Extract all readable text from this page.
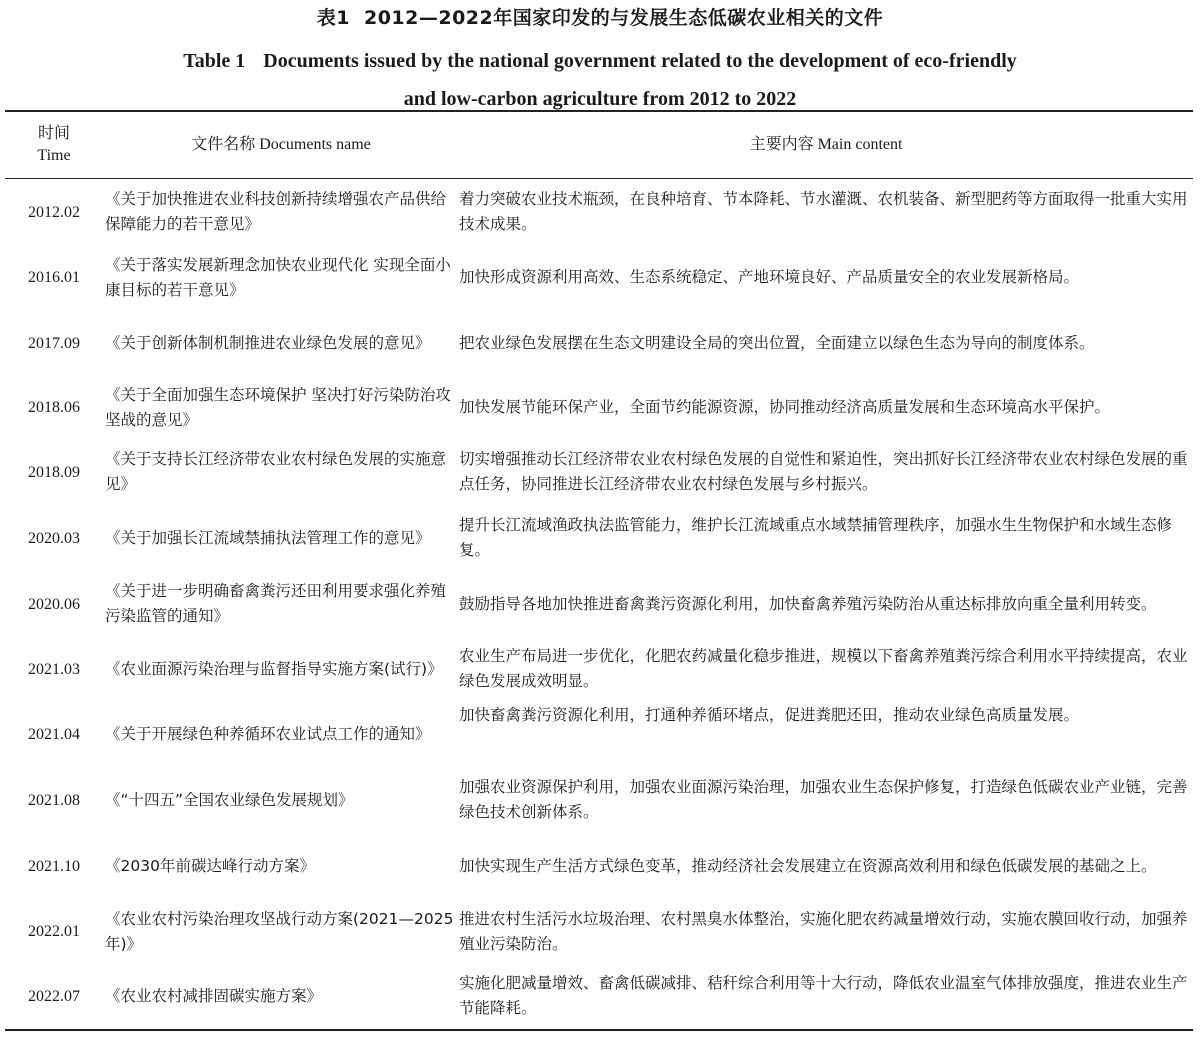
表1 2012—2022年国家印发的与发展生态低碳农业相关的文件
Table 1 Documents issued by the national government related to the development of eco-friendly
and low-carbon agriculture from 2012 to 2022
时间
Time
文件名称 Documents name	主要内容 Main content
2012.02
《关于加快推进农业科技创新持续增强农产品供给保障能力的若干意见》
着力突破农业技术瓶颈，在良种培育、节本降耗、节水灌溉、农机装备、新型肥药等方面取得一批重大实用技术成果。
2016.01
《关于落实发展新理念加快农业现代化 实现全面小康目标的若干意见》
加快形成资源利用高效、生态系统稳定、产地环境良好、产品质量安全的农业发展新格局。
2017.09 《关于创新体制机制推进农业绿色发展的意见》 把农业绿色发展摆在生态文明建设全局的突出位置，全面建立以绿色生态为导向的制度体系。
2018.06
《关于全面加强生态环境保护 坚决打好污染防治攻坚战的意见》
加快发展节能环保产业，全面节约能源资源，协同推动经济高质量发展和生态环境高水平保护。
2018.09
《关于支持长江经济带农业农村绿色发展的实施意见》
切实增强推动长江经济带农业农村绿色发展的自觉性和紧迫性，突出抓好长江经济带农业农村绿色发展的重点任务，协同推进长江经济带农业农村绿色发展与乡村振兴。
2020.03 《关于加强长江流域禁捕执法管理工作的意见》
提升长江流域渔政执法监管能力，维护长江流域重点水域禁捕管理秩序，加强水生生物保护和水域生态修复。
2020.06
《关于进一步明确畜禽粪污还田利用要求强化养殖污染监管的通知》
鼓励指导各地加快推进畜禽粪污资源化利用，加快畜禽养殖污染防治从重达标排放向重全量利用转变。
2021.03 《农业面源污染治理与监督指导实施方案(试行)》
农业生产布局进一步优化，化肥农药减量化稳步推进，规模以下畜禽养殖粪污综合利用水平持续提高，农业绿色发展成效明显。
2021.04 《关于开展绿色种养循环农业试点工作的通知》
加快畜禽粪污资源化利用，打通种养循环堵点，促进粪肥还田，推动农业绿色高质量发展。
2021.08 《“十四五”全国农业绿色发展规划》
加强农业资源保护利用，加强农业面源污染治理，加强农业生态保护修复，打造绿色低碳农业产业链，完善绿色技术创新体系。
2021.10 《2030年前碳达峰行动方案》	加快实现生产生活方式绿色变革，推动经济社会发展建立在资源高效利用和绿色低碳发展的基础之上。
2022.01
《农业农村污染治理攻坚战行动方案(2021—2025年)》
推进农村生活污水垃圾治理、农村黑臭水体整治，实施化肥农药减量增效行动，实施农膜回收行动，加强养殖业污染防治。
2022.07 《农业农村减排固碳实施方案》
实施化肥减量增效、畜禽低碳减排、秸秆综合利用等十大行动，降低农业温室气体排放强度，推进农业生产节能降耗。
